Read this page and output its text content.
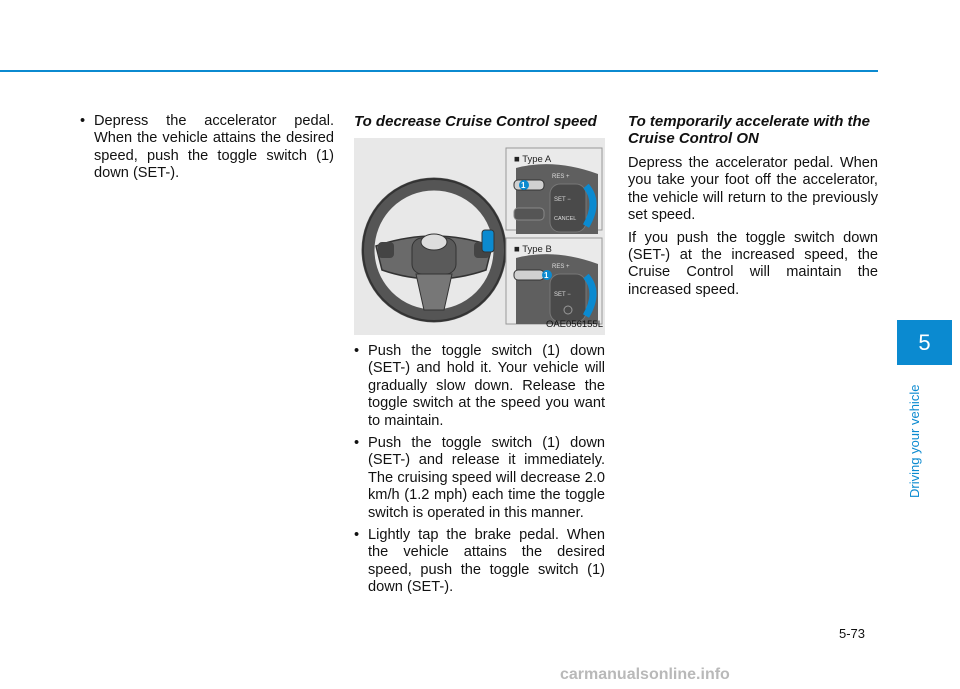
• Depress the accelerator pedal. When the vehicle attains the desired speed, push the toggle switch (1) down (SET-).
To decrease Cruise Control speed
■ Type A
RES +
SET −
CANCEL
1
■ Type B
RES +
SET −
1
OAE056155L
• Push the toggle switch (1) down (SET-) and hold it. Your vehicle will gradually slow down. Release the toggle switch at the speed you want to maintain.
• Push the toggle switch (1) down (SET-) and release it immediately. The cruising speed will decrease 2.0 km/h (1.2 mph) each time the toggle switch is operated in this manner.
• Lightly tap the brake pedal. When the vehicle attains the desired speed, push the toggle switch (1) down (SET-).
To temporarily accelerate with the Cruise Control ON

Depress the accelerator pedal. When you take your foot off the accelerator, the vehicle will return to the previously set speed.

If you push the toggle switch down (SET-) at the increased speed, the Cruise Control will maintain the increased speed.

5
Driving your vehicle
5-73
carmanualsonline.info
